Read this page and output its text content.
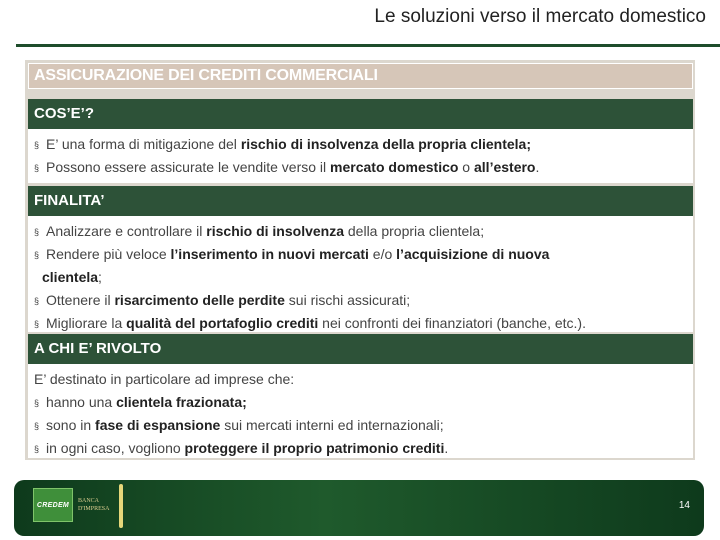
Le soluzioni verso il mercato domestico
ASSICURAZIONE DEI CREDITI COMMERCIALI
COS’E’?
§ E’ una forma di mitigazione del rischio di insolvenza della propria clientela;
§ Possono essere assicurate le vendite verso il mercato domestico o all’estero.
FINALITA’
§ Analizzare e controllare il rischio di insolvenza della propria clientela;
§ Rendere più veloce l’inserimento in nuovi mercati e/o l’acquisizione di nuova
clientela;
§ Ottenere il risarcimento delle perdite sui rischi assicurati;
§ Migliorare la qualità del portafoglio crediti nei confronti dei finanziatori (banche, etc.).
A CHI E’ RIVOLTO
E’ destinato in particolare ad imprese che:
§ hanno una clientela frazionata;
§ sono in fase di espansione sui mercati interni ed internazionali;
§ in ogni caso, vogliono proteggere il proprio patrimonio crediti.
CREDEM
BANCA
D'IMPRESA	14
